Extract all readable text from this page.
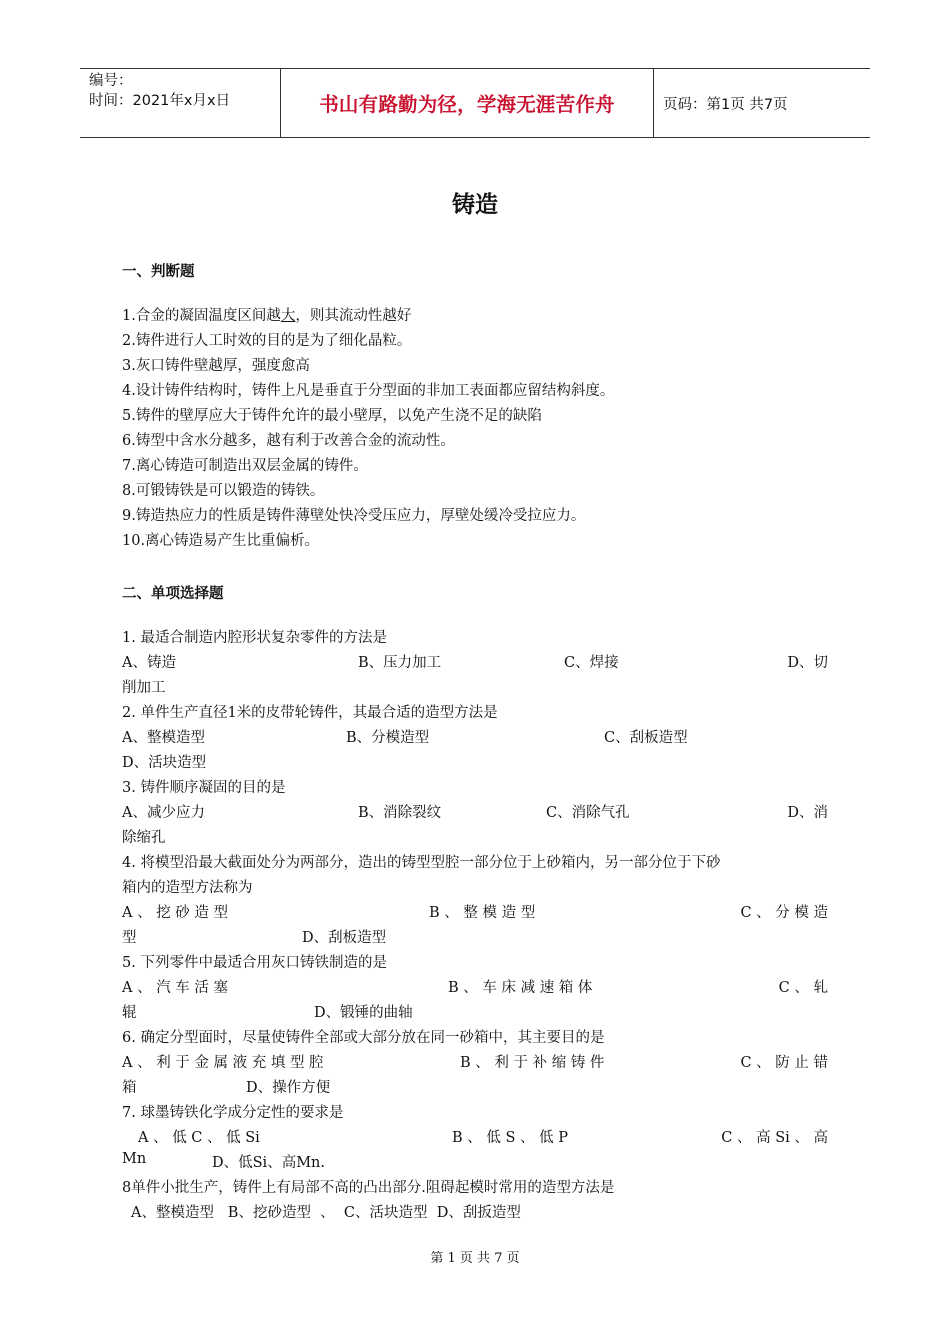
编号：
时间：2021年x月x日	书山有路勤为径，学海无涯苦作舟	页码：第1页 共7页
铸造
一、判断题
1.合金的凝固温度区间越大，则其流动性越好
2.铸件进行人工时效的目的是为了细化晶粒。
3.灰口铸件壁越厚，强度愈高
4.设计铸件结构时，铸件上凡是垂直于分型面的非加工表面都应留结构斜度。
5.铸件的壁厚应大于铸件允许的最小壁厚，以免产生浇不足的缺陷
6.铸型中含水分越多，越有利于改善合金的流动性。
7.离心铸造可制造出双层金属的铸件。
8.可锻铸铁是可以锻造的铸铁。
9.铸造热应力的性质是铸件薄壁处快冷受压应力，厚壁处缓冷受拉应力。
10.离心铸造易产生比重偏析。
二、单项选择题
1. 最适合制造内腔形状复杂零件的方法是
A、铸造	B、压力加工	C、焊接	D、切
削加工
2. 单件生产直径1米的皮带轮铸件，其最合适的造型方法是
A、整模造型	B、分模造型	C、刮板造型
D、活块造型
3. 铸件顺序凝固的目的是
A、减少应力	B、消除裂纹	C、消除气孔	D、消
除缩孔
4. 将模型沿最大截面处分为两部分，造出的铸型型腔一部分位于上砂箱内，另一部分位于下砂
箱内的造型方法称为
A 、 挖 砂 造 型	B 、 整 模 造 型	C 、 分 模 造
型	D、刮板造型
5. 下列零件中最适合用灰口铸铁制造的是
A 、 汽 车 活 塞	B 、 车 床 减 速 箱 体	C 、 轧
辊	D、锻锤的曲轴
6. 确定分型面时，尽量使铸件全部或大部分放在同一砂箱中，其主要目的是
A 、 利 于 金 属 液 充 填 型 腔	B 、 利 于 补 缩 铸 件	C 、 防 止 错
箱	D、操作方便
7. 球墨铸铁化学成分定性的要求是
A 、 低 C 、 低 Si	B 、 低 S 、 低 P	C 、 高 Si 、 高
Mn	D、低Si、高Mn.
8单件小批生产，铸件上有局部不高的凸出部分.阻碍起模时常用的造型方法是
A、整模造型   B、挖砂造型  、  C、活块造型  D、刮扳造型
第 1 页 共 7 页
